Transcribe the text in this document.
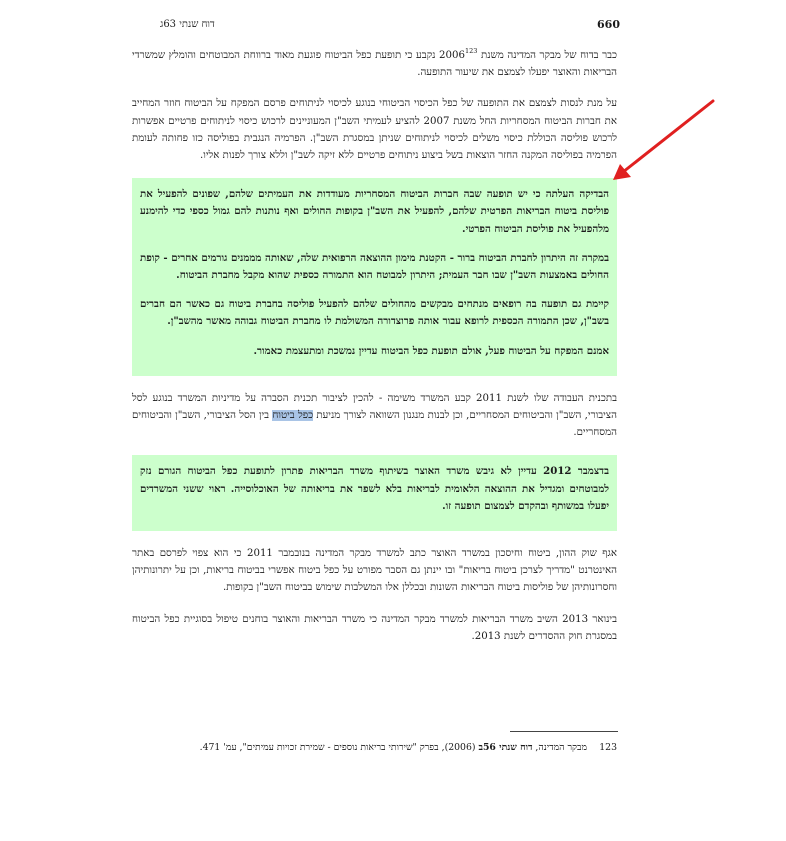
660
דוח שנתי 63ג

כבר בדוח של מבקר המדינה משנת 2006$^{123}$ נקבע כי תופעת כפל הביטוח פוגעת מאוד ברווחת המבוטחים והומלץ שמשרדי הבריאות והאוצר יפעלו לצמצם את שיעור התופעה.

על מנת לנסות לצמצם את התופעה של כפל הכיסוי הביטוחי בנוגע לכיסוי לניתוחים פרסם המפקח על הביטוח חוזר המחייב את חברות הביטוח המסחריות החל משנת 2007 להציע לעמיתי השב"ן המעוניינים לרכוש כיסוי לניתוחים פרטיים אפשרות לרכוש פוליסה הכוללת כיסוי משלים לכיסוי לניתוחים שניתן במסגרת השב"ן. הפרמיה הנגבית בפוליסה כזו פחותה לעומת הפרמיה בפוליסה המקנה החזר הוצאות בשל ביצוע ניתוחים פרטיים ללא זיקה לשב"ן וללא צורך לפנות אליו.

הבדיקה העלתה כי יש תופעה שבה חברות הביטוח המסחריות מעודדות את העמיתים שלהם, שפונים להפעיל את פוליסת ביטוח הבריאות הפרטית שלהם, להפעיל את השב"ן בקופות החולים ואף נותנות להם גמול כספי כדי להימנע מלהפעיל את פוליסת הביטוח הפרטי.

במקרה זה היתרון לחברת הביטוח ברור - הקטנת מימון ההוצאה הרפואית שלה, שאותה מממנים גורמים אחרים - קופת החולים באמצעות השב"ן שבו חבר העמית; היתרון למבוטח הוא התמורה כספית שהוא מקבל מחברת הביטוח.

קיימת גם תופעה בה רופאים מנתחים מבקשים מהחולים שלהם להפעיל פוליסה בחברת ביטוח גם כאשר הם חברים בשב"ן, שכן התמורה הכספית לרופא עבור אותה פרוצדורה המשולמת לו מחברת הביטוח גבוהה מאשר מהשב"ן.

אמנם המפקח על הביטוח פעל, אולם תופעת כפל הביטוח עדיין נמשכת ומתעצמת כאמור.

בתכנית העבודה שלו לשנת 2011 קבע המשרד משימה - להכין לציבור תכנית הסברה על מדיניות המשרד בנוגע לסל הציבורי, השב"ן והביטוחים המסחריים, וכן לבנות מנגנון השוואה לצורך מניעת כפל ביטוח בין הסל הציבורי, השב"ן והביטוחים המסחריים.

בדצמבר 2012 עדיין לא גיבש משרד האוצר בשיתוף משרד הבריאות פתרון לתופעת כפל הביטוח הגורם נזק למבוטחים ומגדיל את ההוצאה הלאומית לבריאות בלא לשפר את בריאותה של האוכלוסייה. ראוי ששני המשרדים יפעלו במשותף ובהקדם לצמצום תופעה זו.

אגף שוק ההון, ביטוח וחיסכון במשרד האוצר כתב למשרד מבקר המדינה בנובמבר 2011 כי הוא צפוי לפרסם באתר האינטרנט "מדריך לצרכן ביטוח בריאות" ובו יינתן גם הסבר מפורט על כפל ביטוח אפשרי בביטוח בריאות, וכן על יתרונותיהן וחסרונותיהן של פוליסות ביטוח הבריאות השונות ובכללן אלו המשלבות שימוש בביטוח השב"ן בקופות.

בינואר 2013 השיב משרד הבריאות למשרד מבקר המדינה כי משרד הבריאות והאוצר בוחנים טיפול בסוגיית כפל הביטוח במסגרת חוק ההסדרים לשנת 2013.

123
מבקר המדינה, דוח שנתי 56ב (2006), בפרק "שירותי בריאות נוספים - שמירת זכויות עמיתים", עמ' 471.
